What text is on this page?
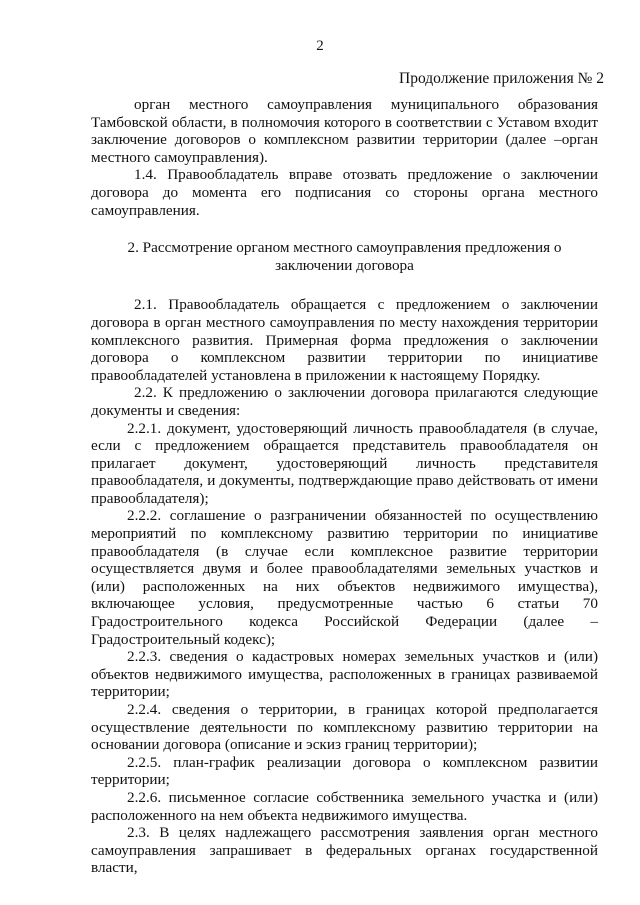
2
Продолжение приложения № 2

орган местного самоуправления муниципального образования Тамбовской области, в полномочия которого в соответствии с Уставом входит заключение договоров о комплексном развитии территории (далее –орган местного самоуправления).

1.4. Правообладатель вправе отозвать предложение о заключении договора до момента его подписания со стороны органа местного самоуправления.

2. Рассмотрение органом местного самоуправления предложения о заключении договора

2.1. Правообладатель обращается с предложением о заключении договора в орган местного самоуправления по месту нахождения территории комплексного развития. Примерная форма предложения о заключении договора о комплексном развитии территории по инициативе правообладателей установлена в приложении к настоящему Порядку.

2.2. К предложению о заключении договора прилагаются следующие документы и сведения:

2.2.1. документ, удостоверяющий личность правообладателя (в случае, если с предложением обращается представитель правообладателя он прилагает документ, удостоверяющий личность представителя правообладателя, и документы, подтверждающие право действовать от имени правообладателя);

2.2.2. соглашение о разграничении обязанностей по осуществлению мероприятий по комплексному развитию территории по инициативе правообладателя (в случае если комплексное развитие территории осуществляется двумя и более правообладателями земельных участков и (или) расположенных на них объектов недвижимого имущества), включающее условия, предусмотренные частью 6 статьи 70 Градостроительного кодекса Российской Федерации (далее – Градостроительный кодекс);

2.2.3. сведения о кадастровых номерах земельных участков и (или) объектов недвижимого имущества, расположенных в границах развиваемой территории;

2.2.4. сведения о территории, в границах которой предполагается осуществление деятельности по комплексному развитию территории на основании договора (описание и эскиз границ территории);

2.2.5. план-график реализации договора о комплексном развитии территории;

2.2.6. письменное согласие собственника земельного участка и (или) расположенного на нем объекта недвижимого имущества.

2.3. В целях надлежащего рассмотрения заявления орган местного самоуправления запрашивает в федеральных органах государственной власти,
